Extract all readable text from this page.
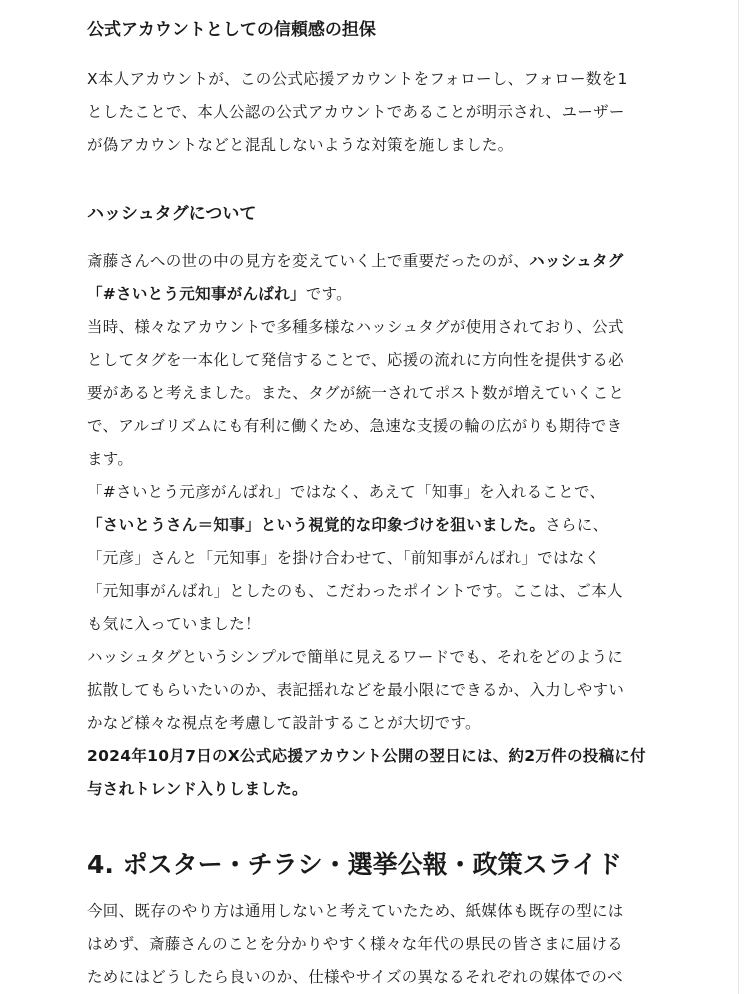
公式アカウントとしての信頼感の担保
X本人アカウントが、この公式応援アカウントをフォローし、フォロー数を1
としたことで、本人公認の公式アカウントであることが明示され、ユーザー
が偽アカウントなどと混乱しないような対策を施しました。
ハッシュタグについて
斎藤さんへの世の中の見方を変えていく上で重要だったのが、ハッシュタグ
「#さいとう元知事がんばれ」です。
当時、様々なアカウントで多種多様なハッシュタグが使用されており、公式
としてタグを一本化して発信することで、応援の流れに方向性を提供する必
要があると考えました。また、タグが統一されてポスト数が増えていくこと
で、アルゴリズムにも有利に働くため、急速な支援の輪の広がりも期待でき
ます。
「#さいとう元彦がんばれ」ではなく、あえて「知事」を入れることで、
「さいとうさん＝知事」という視覚的な印象づけを狙いました。さらに、
「元彦」さんと「元知事」を掛け合わせて、「前知事がんばれ」ではなく
「元知事がんばれ」としたのも、こだわったポイントです。ここは、ご本人
も気に入っていました！
ハッシュタグというシンプルで簡単に見えるワードでも、それをどのように
拡散してもらいたいのか、表記揺れなどを最小限にできるか、入力しやすい
かなど様々な視点を考慮して設計することが大切です。
2024年10月7日のX公式応援アカウント公開の翌日には、約2万件の投稿に付
与されトレンド入りしました。
4. ポスター・チラシ・選挙公報・政策スライド
今回、既存のやり方は通用しないと考えていたため、紙媒体も既存の型には
はめず、斎藤さんのことを分かりやすく様々な年代の県民の皆さまに届ける
ためにはどうしたら良いのか、仕様やサイズの異なるそれぞれの媒体でのべ
